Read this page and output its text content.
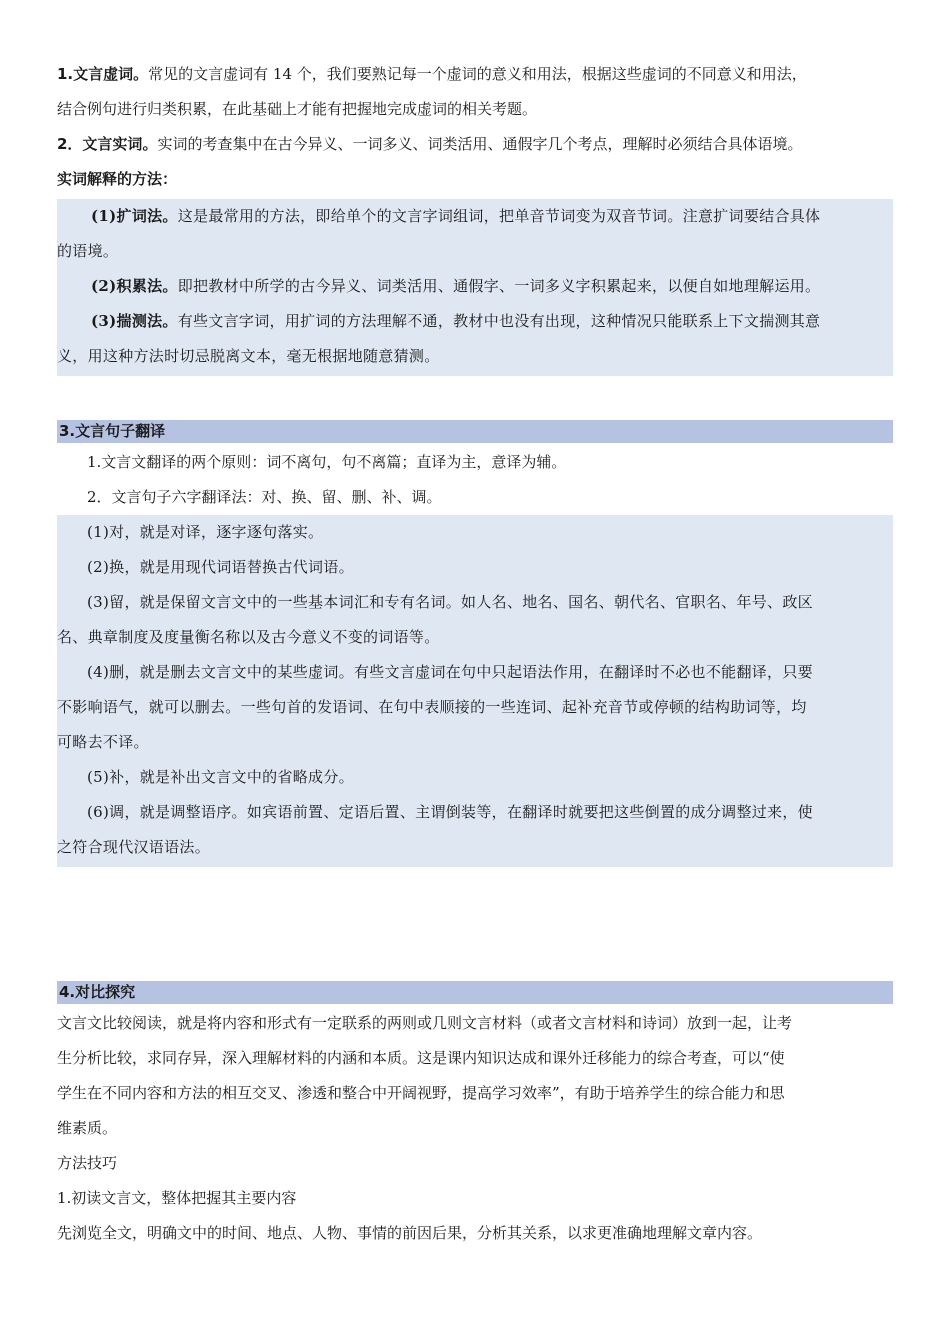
1.文言虚词。常见的文言虚词有 14 个，我们要熟记每一个虚词的意义和用法，根据这些虚词的不同意义和用法，
结合例句进行归类积累，在此基础上才能有把握地完成虚词的相关考题。
2．文言实词。实词的考查集中在古今异义、一词多义、词类活用、通假字几个考点，理解时必须结合具体语境。
实词解释的方法：
(1)扩词法。这是最常用的方法，即给单个的文言字词组词，把单音节词变为双音节词。注意扩词要结合具体
的语境。
(2)积累法。即把教材中所学的古今异义、词类活用、通假字、一词多义字积累起来，以便自如地理解运用。
(3)揣测法。有些文言字词，用扩词的方法理解不通，教材中也没有出现，这种情况只能联系上下文揣测其意
义，用这种方法时切忌脱离文本，毫无根据地随意猜测。
3.文言句子翻译
1.文言文翻译的两个原则：词不离句，句不离篇；直译为主，意译为辅。
2．文言句子六字翻译法：对、换、留、删、补、调。
(1)对，就是对译，逐字逐句落实。
(2)换，就是用现代词语替换古代词语。
(3)留，就是保留文言文中的一些基本词汇和专有名词。如人名、地名、国名、朝代名、官职名、年号、政区
名、典章制度及度量衡名称以及古今意义不变的词语等。
(4)删，就是删去文言文中的某些虚词。有些文言虚词在句中只起语法作用，在翻译时不必也不能翻译，只要
不影响语气，就可以删去。一些句首的发语词、在句中表顺接的一些连词、起补充音节或停顿的结构助词等，均
可略去不译。
(5)补，就是补出文言文中的省略成分。
(6)调，就是调整语序。如宾语前置、定语后置、主谓倒装等，在翻译时就要把这些倒置的成分调整过来，使
之符合现代汉语语法。
4.对比探究
文言文比较阅读，就是将内容和形式有一定联系的两则或几则文言材料（或者文言材料和诗词）放到一起，让考
生分析比较，求同存异，深入理解材料的内涵和本质。这是课内知识达成和课外迁移能力的综合考查，可以“使
学生在不同内容和方法的相互交叉、渗透和整合中开阔视野，提高学习效率”，有助于培养学生的综合能力和思
维素质。
方法技巧
1.初读文言文，整体把握其主要内容
先浏览全文，明确文中的时间、地点、人物、事情的前因后果，分析其关系，以求更准确地理解文章内容。
